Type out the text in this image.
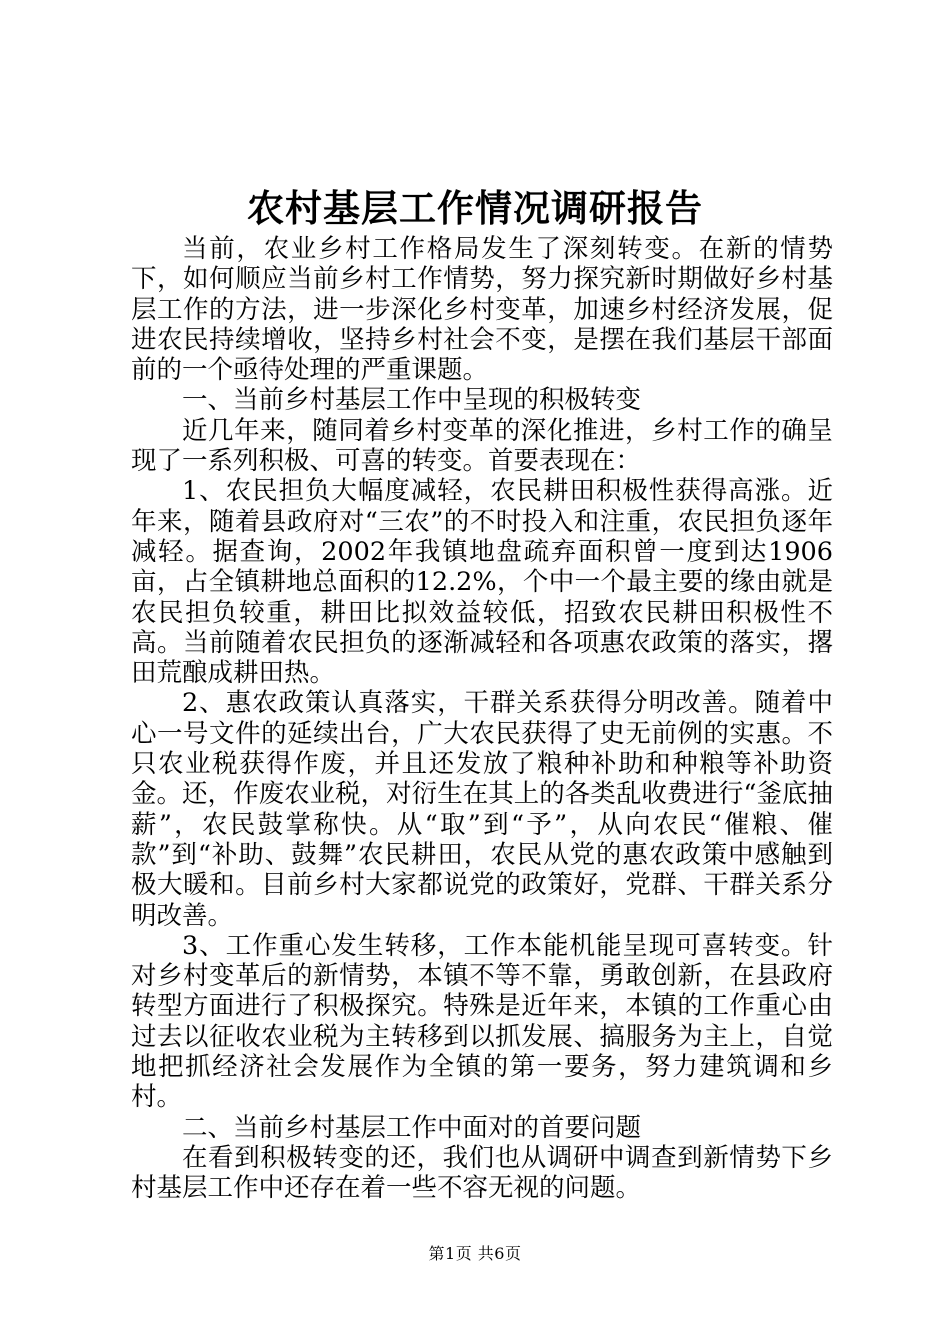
农村基层工作情况调研报告

当前，农业乡村工作格局发生了深刻转变。在新的情势下，如何顺应当前乡村工作情势，努力探究新时期做好乡村基层工作的方法，进一步深化乡村变革，加速乡村经济发展，促进农民持续增收，坚持乡村社会不变，是摆在我们基层干部面前的一个亟待处理的严重课题。

一、当前乡村基层工作中呈现的积极转变

近几年来，随同着乡村变革的深化推进，乡村工作的确呈现了一系列积极、可喜的转变。首要表现在：

1、农民担负大幅度减轻，农民耕田积极性获得高涨。近年来，随着县政府对“三农”的不时投入和注重，农民担负逐年减轻。据查询，2002年我镇地盘疏弃面积曾一度到达1906亩，占全镇耕地总面积的12.2%，个中一个最主要的缘由就是农民担负较重，耕田比拟效益较低，招致农民耕田积极性不高。当前随着农民担负的逐渐减轻和各项惠农政策的落实，撂田荒酿成耕田热。

2、惠农政策认真落实，干群关系获得分明改善。随着中心一号文件的延续出台，广大农民获得了史无前例的实惠。不只农业税获得作废，并且还发放了粮种补助和种粮等补助资金。还，作废农业税，对衍生在其上的各类乱收费进行“釜底抽薪”，农民鼓掌称快。从“取”到“予”，从向农民“催粮、催款”到“补助、鼓舞”农民耕田，农民从党的惠农政策中感触到极大暖和。目前乡村大家都说党的政策好，党群、干群关系分明改善。

3、工作重心发生转移，工作本能机能呈现可喜转变。针对乡村变革后的新情势，本镇不等不靠，勇敢创新，在县政府转型方面进行了积极探究。特殊是近年来，本镇的工作重心由过去以征收农业税为主转移到以抓发展、搞服务为主上，自觉地把抓经济社会发展作为全镇的第一要务，努力建筑调和乡村。

二、当前乡村基层工作中面对的首要问题

在看到积极转变的还，我们也从调研中调查到新情势下乡村基层工作中还存在着一些不容无视的问题。

第1页 共6页
